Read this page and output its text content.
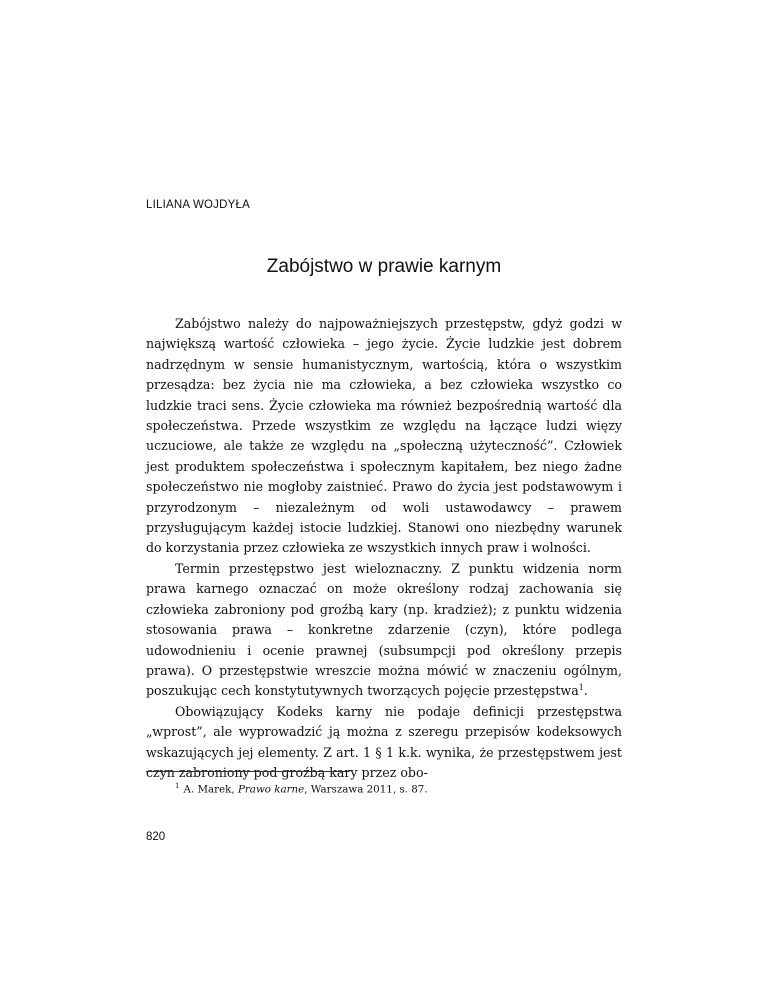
LILIANA WOJDYŁA
Zabójstwo w prawie karnym

Zabójstwo należy do najpoważniejszych przestępstw, gdyż godzi w największą wartość człowieka – jego życie. Życie ludzkie jest dobrem nadrzędnym w sensie humanistycznym, wartością, która o wszystkim przesądza: bez życia nie ma człowieka, a bez człowieka wszystko co ludzkie traci sens. Życie człowieka ma również bezpośrednią wartość dla społeczeństwa. Przede wszystkim ze względu na łączące ludzi więzy uczuciowe, ale także ze względu na „społeczną użyteczność”. Człowiek jest produktem społeczeństwa i społecznym kapitałem, bez niego żadne społeczeństwo nie mogłoby zaistnieć. Prawo do życia jest podstawowym i przyrodzonym – niezależnym od woli ustawodawcy – prawem przysługującym każdej istocie ludzkiej. Stanowi ono niezbędny warunek do korzystania przez człowieka ze wszystkich innych praw i wolności.

Termin przestępstwo jest wieloznaczny. Z punktu widzenia norm prawa karnego oznaczać on może określony rodzaj zachowania się człowieka zabroniony pod groźbą kary (np. kradzież); z punktu widzenia stosowania prawa – konkretne zdarzenie (czyn), które podlega udowodnieniu i ocenie prawnej (subsumpcji pod określony przepis prawa). O przestępstwie wreszcie można mówić w znaczeniu ogólnym, poszukując cech konstytutywnych tworzących pojęcie przestępstwa$^1$.

Obowiązujący Kodeks karny nie podaje definicji przestępstwa „wprost”, ale wyprowadzić ją można z szeregu przepisów kodeksowych wskazujących jej elementy. Z art. 1 § 1 k.k. wynika, że przestępstwem jest czyn zabroniony pod groźbą kary przez obo-

$^1$ A. Marek, Prawo karne, Warszawa 2011, s. 87.
820
